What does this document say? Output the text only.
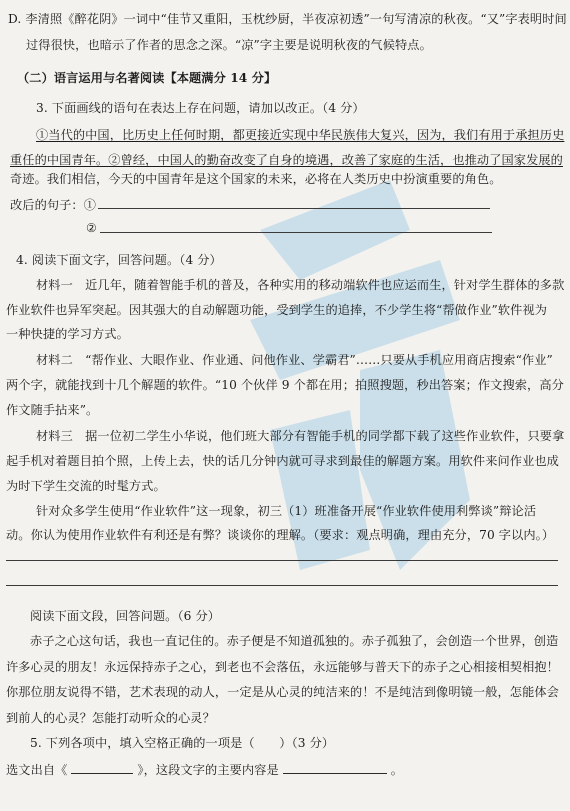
D. 李清照《醉花阴》一词中“佳节又重阳，玉枕纱厨，半夜凉初透”一句写清凉的秋夜。“又”字表明时间
过得很快，也暗示了作者的思念之深。“凉”字主要是说明秋夜的气候特点。
（二）语言运用与名著阅读【本题满分 14 分】
3. 下面画线的语句在表达上存在问题，请加以改正。（4 分）
①当代的中国，比历史上任何时期，都更接近实现中华民族伟大复兴，因为，我们有用于承担历史
重任的中国青年。②曾经，中国人的勤奋改变了自身的境遇，改善了家庭的生活，也推动了国家发展的
奇迹。我们相信，今天的中国青年是这个国家的未来，必将在人类历史中扮演重要的角色。
改后的句子：①
②
4. 阅读下面文字，回答问题。（4 分）
材料一　近几年，随着智能手机的普及，各种实用的移动端软件也应运而生，针对学生群体的多款
作业软件也异军突起。因其强大的自动解题功能，受到学生的追捧，不少学生将“帮做作业”软件视为
一种快捷的学习方式。
材料二　“帮作业、大眼作业、作业通、问他作业、学霸君”……只要从手机应用商店搜索“作业”
两个字，就能找到十几个解题的软件。“10 个伙伴 9 个都在用；拍照搜题，秒出答案；作文搜索，高分
作文随手拈来”。
材料三　据一位初二学生小华说，他们班大部分有智能手机的同学都下载了这些作业软件，只要拿
起手机对着题目拍个照，上传上去，快的话几分钟内就可寻求到最佳的解题方案。用软件来问作业也成
为时下学生交流的时髦方式。
针对众多学生使用“作业软件”这一现象，初三（1）班准备开展“作业软件使用利弊谈”辩论活
动。你认为使用作业软件有利还是有弊？谈谈你的理解。（要求：观点明确，理由充分，70 字以内。）
阅读下面文段，回答问题。（6 分）
赤子之心这句话，我也一直记住的。赤子便是不知道孤独的。赤子孤独了，会创造一个世界，创造
许多心灵的朋友！永远保持赤子之心，到老也不会落伍，永远能够与普天下的赤子之心相接相契相抱！
你那位朋友说得不错，艺术表现的动人，一定是从心灵的纯洁来的！不是纯洁到像明镜一般，怎能体会
到前人的心灵？怎能打动听众的心灵？
5. 下列各项中，填入空格正确的一项是（　　）（3 分）
选文出自《	》，这段文字的主要内容是	。
